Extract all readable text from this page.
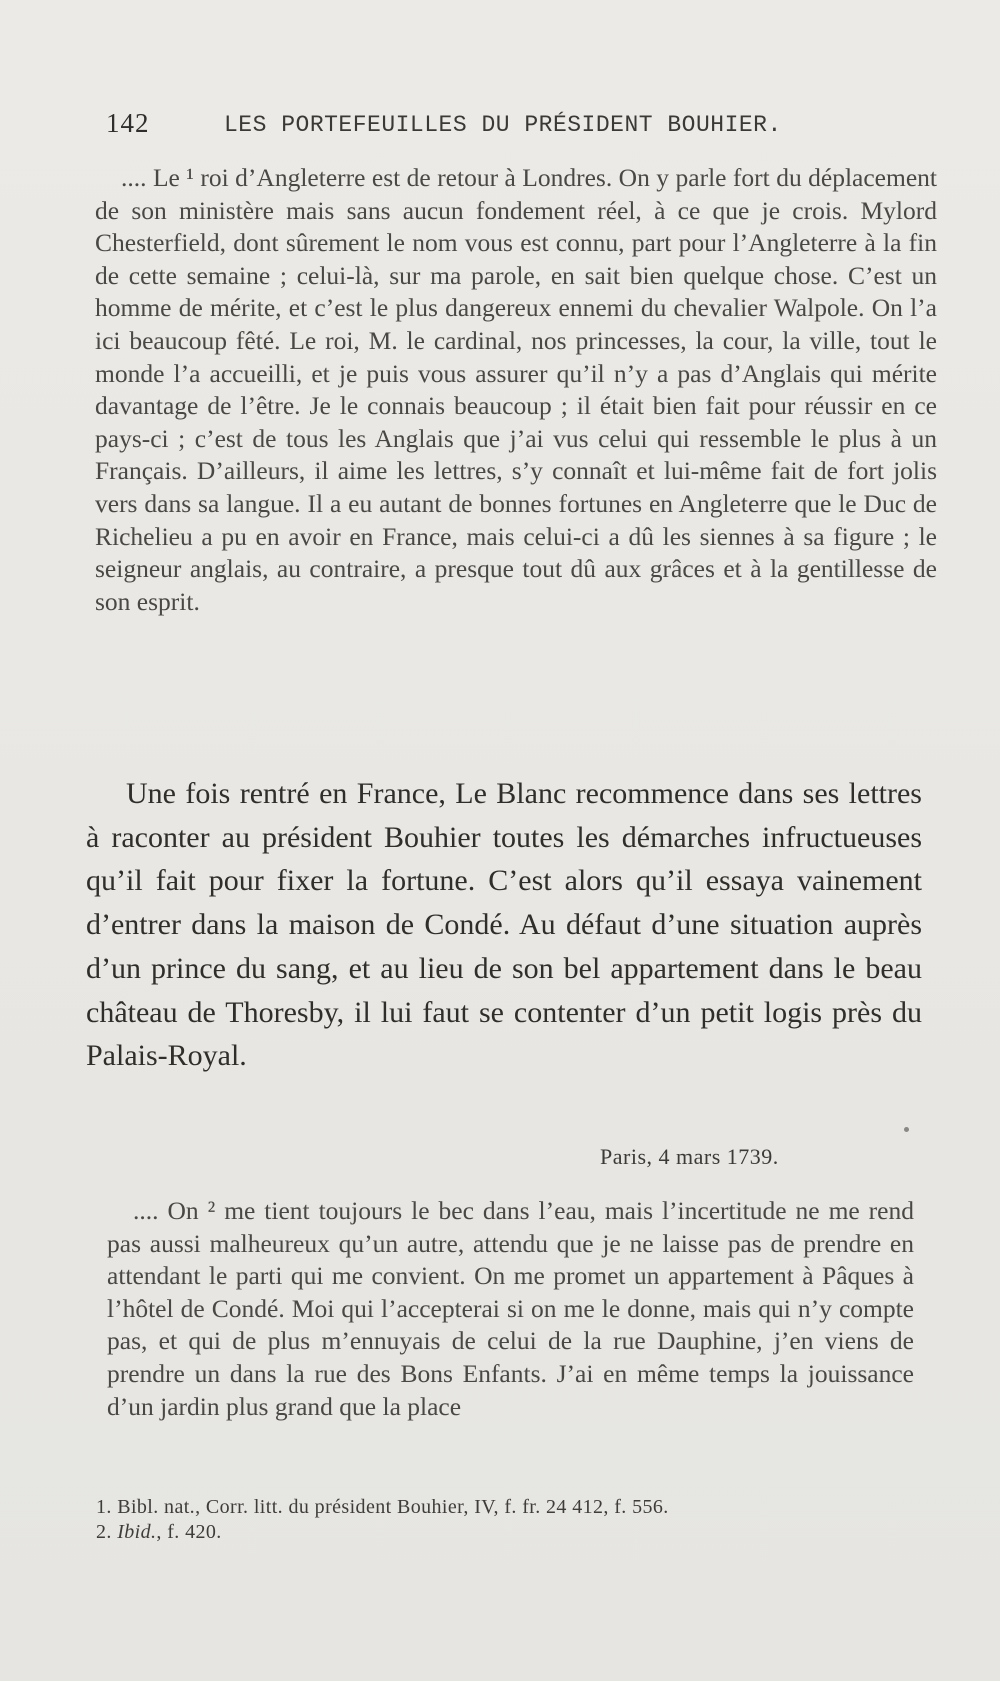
142	LES PORTEFEUILLES DU PRÉSIDENT BOUHIER.

.... Le ¹ roi d’Angleterre est de retour à Londres. On y parle fort du déplacement de son ministère mais sans aucun fondement réel, à ce que je crois. Mylord Chesterfield, dont sûrement le nom vous est connu, part pour l’Angleterre à la fin de cette semaine ; celui-là, sur ma parole, en sait bien quelque chose. C’est un homme de mérite, et c’est le plus dangereux ennemi du chevalier Walpole. On l’a ici beaucoup fêté. Le roi, M. le cardinal, nos princesses, la cour, la ville, tout le monde l’a accueilli, et je puis vous assurer qu’il n’y a pas d’Anglais qui mérite davantage de l’être. Je le connais beaucoup ; il était bien fait pour réussir en ce pays-ci ; c’est de tous les Anglais que j’ai vus celui qui ressemble le plus à un Français. D’ailleurs, il aime les lettres, s’y connaît et lui-même fait de fort jolis vers dans sa langue. Il a eu autant de bonnes fortunes en Angleterre que le Duc de Richelieu a pu en avoir en France, mais celui-ci a dû les siennes à sa figure ; le seigneur anglais, au contraire, a presque tout dû aux grâces et à la gentillesse de son esprit.

Une fois rentré en France, Le Blanc recommence dans ses lettres à raconter au président Bouhier toutes les démarches infructueuses qu’il fait pour fixer la fortune. C’est alors qu’il essaya vainement d’entrer dans la maison de Condé. Au défaut d’une situation auprès d’un prince du sang, et au lieu de son bel appartement dans le beau château de Thoresby, il lui faut se contenter d’un petit logis près du Palais-Royal.

Paris, 4 mars 1739.

.... On ² me tient toujours le bec dans l’eau, mais l’incertitude ne me rend pas aussi malheureux qu’un autre, attendu que je ne laisse pas de prendre en attendant le parti qui me convient. On me promet un appartement à Pâques à l’hôtel de Condé. Moi qui l’accepterai si on me le donne, mais qui n’y compte pas, et qui de plus m’ennuyais de celui de la rue Dauphine, j’en viens de prendre un dans la rue des Bons Enfants. J’ai en même temps la jouissance d’un jardin plus grand que la place

1. Bibl. nat., Corr. litt. du président Bouhier, IV, f. fr. 24 412, f. 556.
2. Ibid., f. 420.
